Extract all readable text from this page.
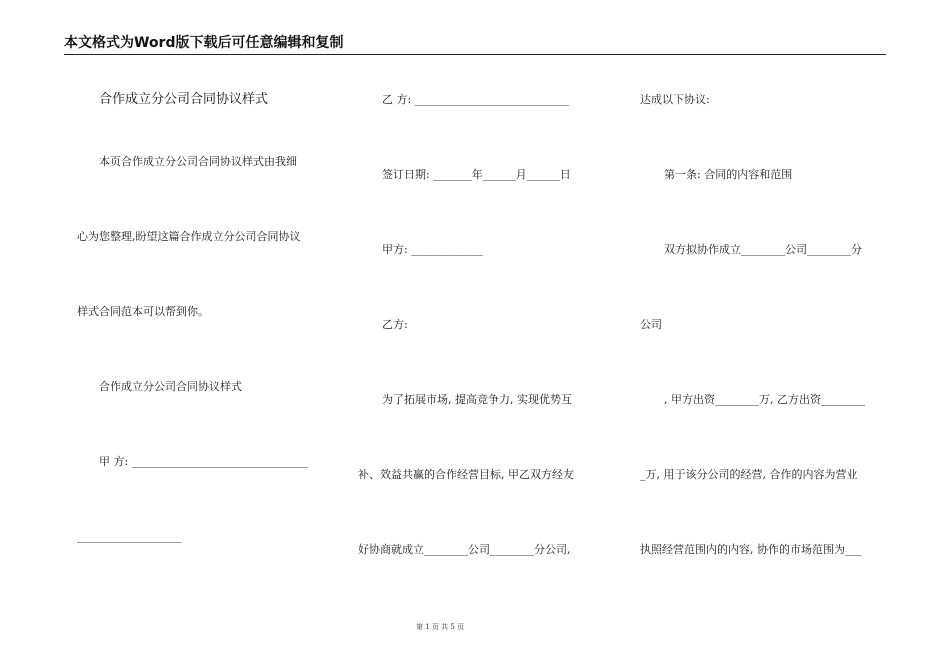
本文格式为Word版下载后可任意编辑和复制
合作成立分公司合同协议样式
本页合作成立分公司合同协议样式由我细
心为您整理,盼望这篇合作成立分公司合同协议
样式合同范本可以帮到你。
合作成立分公司合同协议样式
甲 方: ________________________________
___________________
乙 方: ____________________________
签订日期: _______年______月______日
甲方: _____________
乙方:
为了拓展市场, 提高竞争力, 实现优势互
补、效益共赢的合作经营目标, 甲乙双方经友
好协商就成立________公司________分公司,
达成以下协议:
第一条: 合同的内容和范围
双方拟协作成立________公司________分
公司
, 甲方出资________万, 乙方出资________
_万, 用于该分公司的经营, 合作的内容为营业
执照经营范围内的内容, 协作的市场范围为___
第 1 页 共 5 页
